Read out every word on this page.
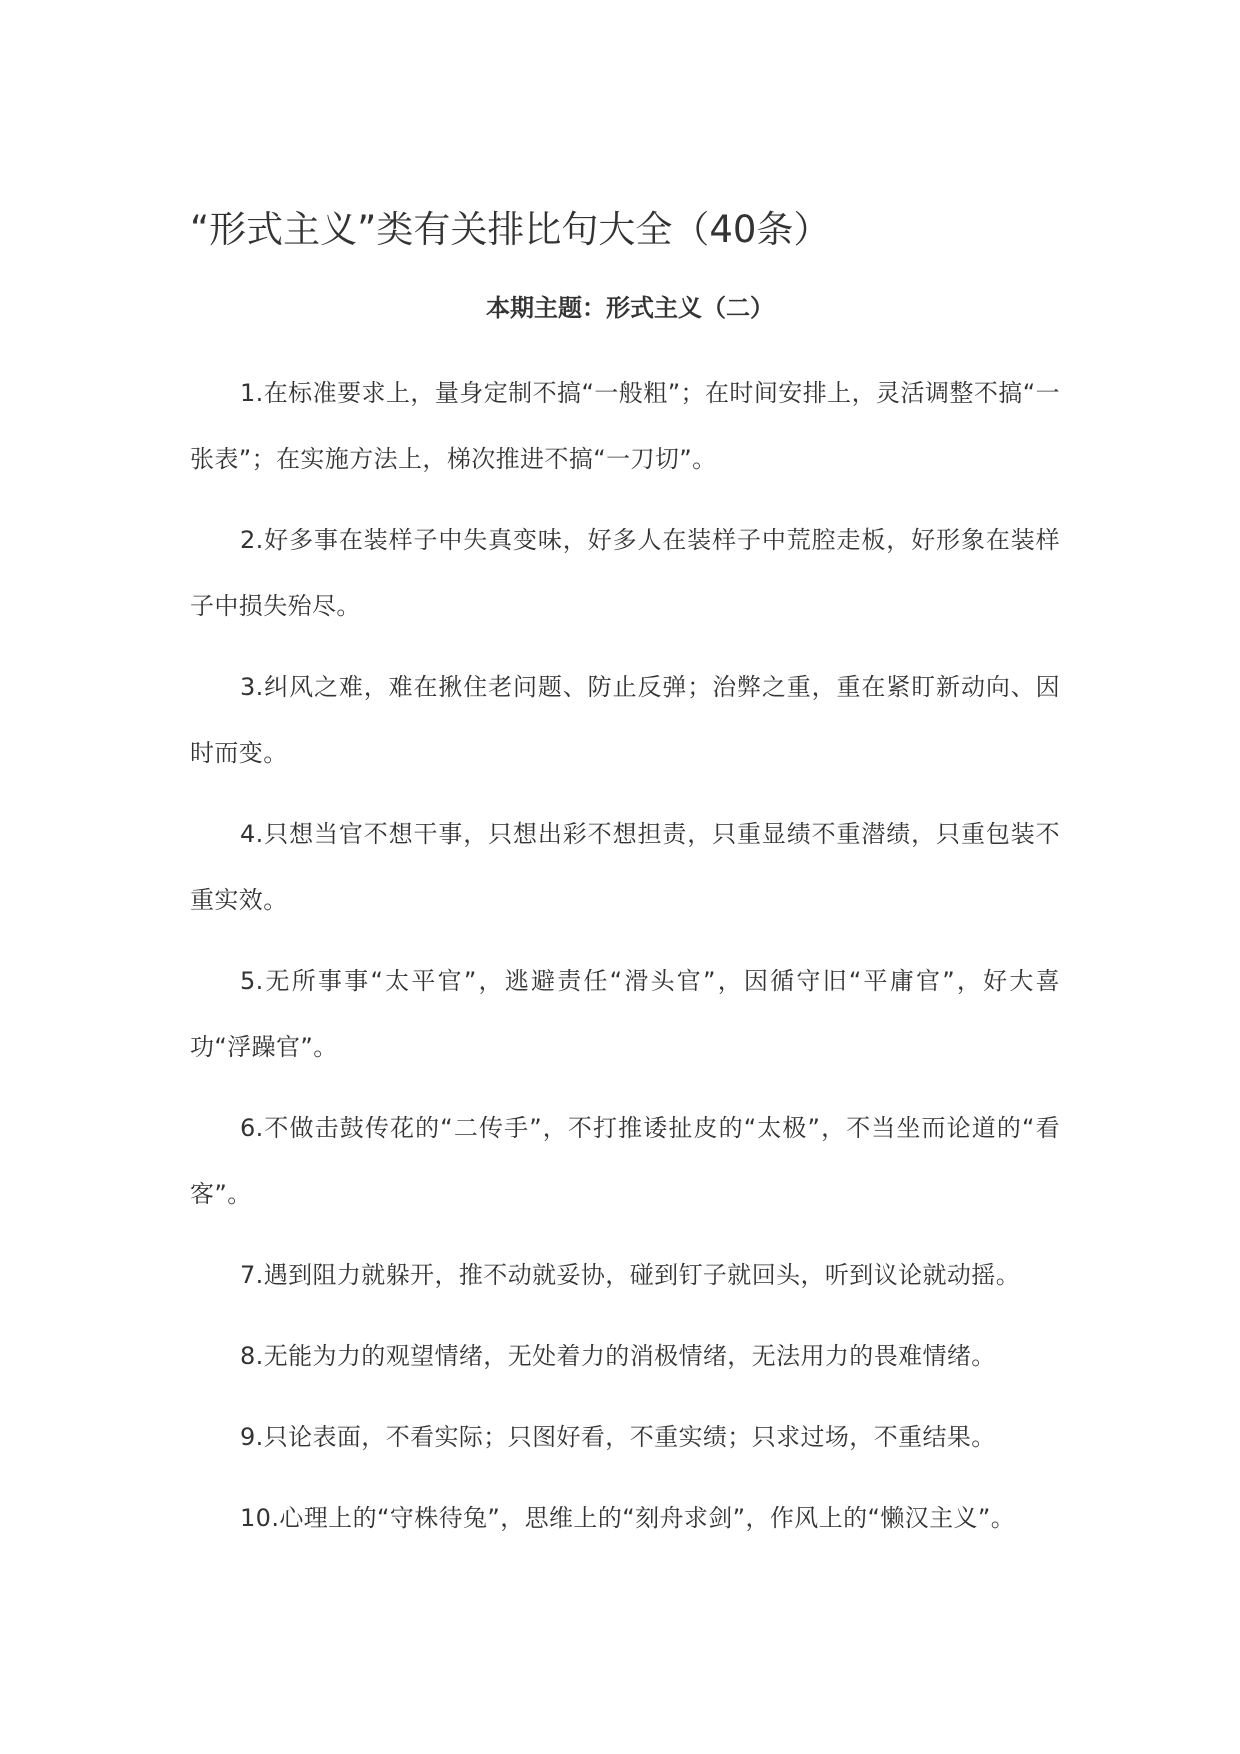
“形式主义”类有关排比句大全（40条）
本期主题：形式主义（二）

1.在标准要求上，量身定制不搞“一般粗”；在时间安排上，灵活调整不搞“一张表”；在实施方法上，梯次推进不搞“一刀切”。

2.好多事在装样子中失真变味，好多人在装样子中荒腔走板，好形象在装样子中损失殆尽。

3.纠风之难，难在揪住老问题、防止反弹；治弊之重，重在紧盯新动向、因时而变。

4.只想当官不想干事，只想出彩不想担责，只重显绩不重潜绩，只重包装不重实效。

5.无所事事“太平官”，逃避责任“滑头官”，因循守旧“平庸官”，好大喜功“浮躁官”。

6.不做击鼓传花的“二传手”，不打推诿扯皮的“太极”，不当坐而论道的“看客”。

7.遇到阻力就躲开，推不动就妥协，碰到钉子就回头，听到议论就动摇。

8.无能为力的观望情绪，无处着力的消极情绪，无法用力的畏难情绪。

9.只论表面，不看实际；只图好看，不重实绩；只求过场，不重结果。

10.心理上的“守株待兔”，思维上的“刻舟求剑”，作风上的“懒汉主义”。
